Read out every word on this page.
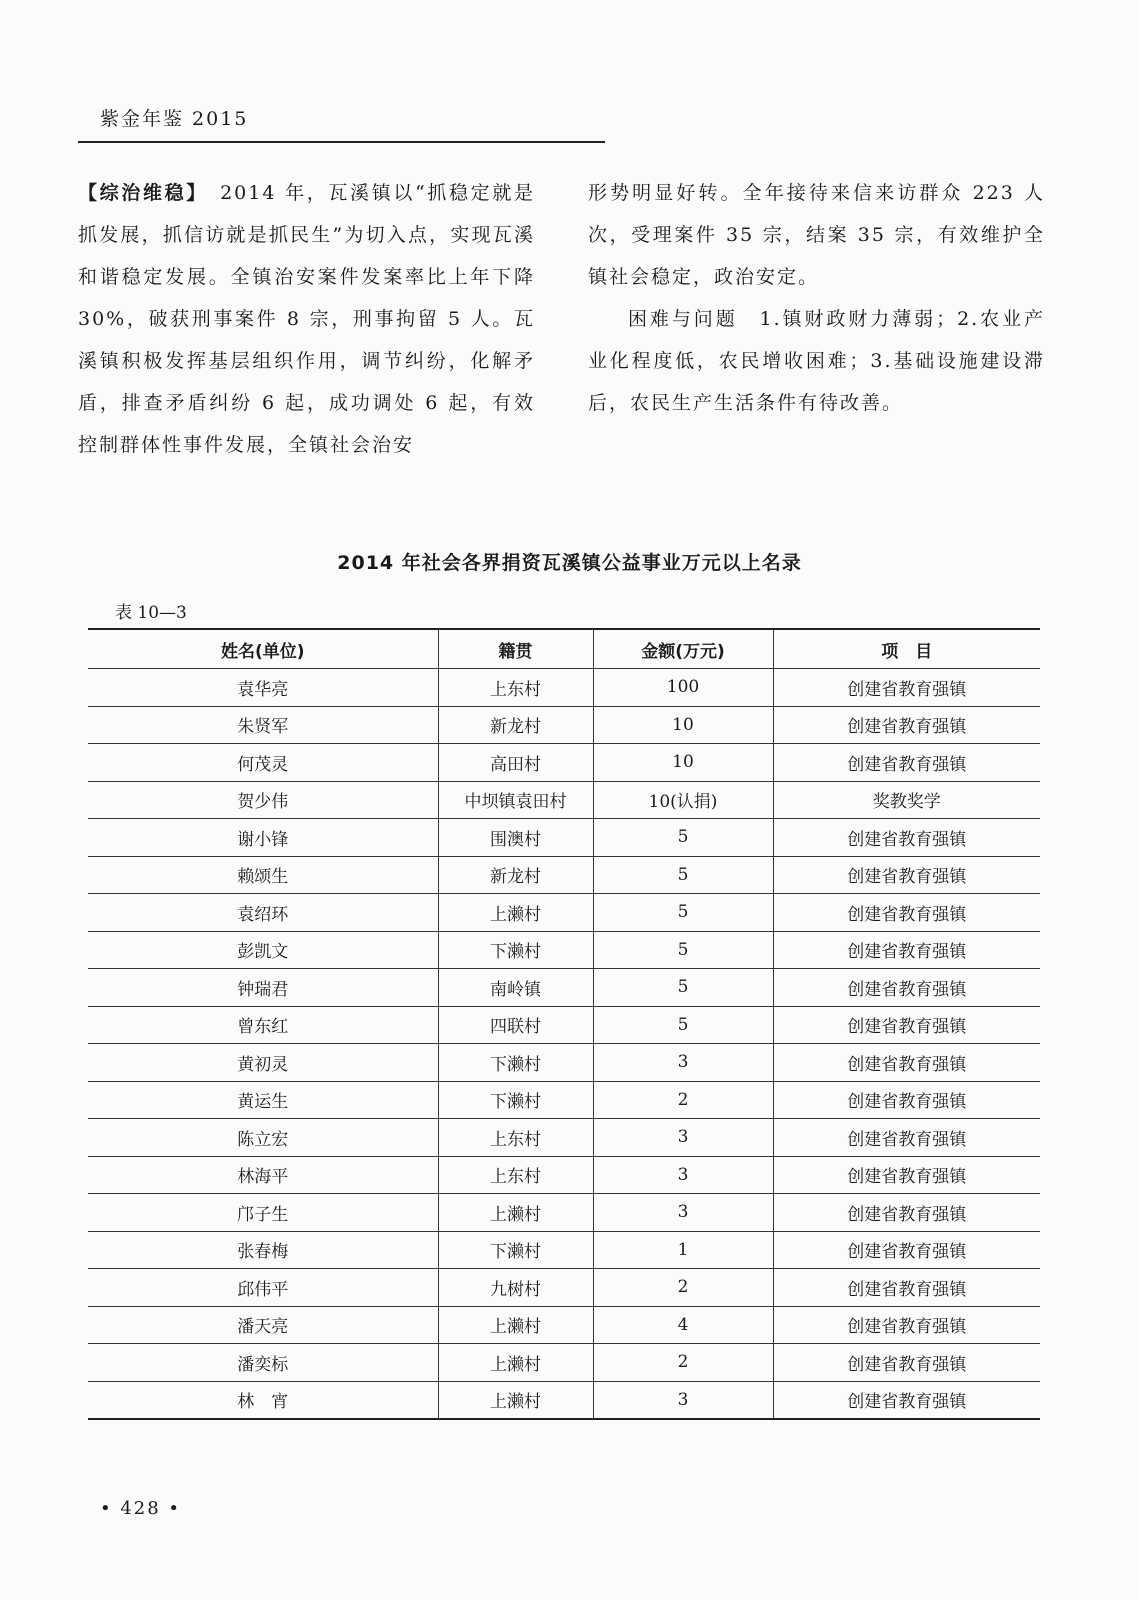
紫金年鉴 2015

【综治维稳】　 2014 年，瓦溪镇以“抓稳定就是抓发展，抓信访就是抓民生”为切入点，实现瓦溪和谐稳定发展。全镇治安案件发案率比上年下降 30%，破获刑事案件 8 宗，刑事拘留 5 人。瓦溪镇积极发挥基层组织作用，调节纠纷，化解矛盾，排查矛盾纠纷 6 起，成功调处 6 起，有效控制群体性事件发展，全镇社会治安

形势明显好转。全年接待来信来访群众 223 人次，受理案件 35 宗，结案 35 宗，有效维护全镇社会稳定，政治安定。

困难与问题　1.镇财政财力薄弱；2.农业产业化程度低，农民增收困难；3.基础设施建设滞后，农民生产生活条件有待改善。

2014 年社会各界捐资瓦溪镇公益事业万元以上名录
表 10—3
姓名(单位)	籍贯	金额(万元)	项　目
袁华亮	上东村	100	创建省教育强镇
朱贤军	新龙村	10	创建省教育强镇
何茂灵	高田村	10	创建省教育强镇
贺少伟	中坝镇袁田村	10(认捐)	奖教奖学
谢小锋	围澳村	5	创建省教育强镇
赖颂生	新龙村	5	创建省教育强镇
袁绍环	上濑村	5	创建省教育强镇
彭凯文	下濑村	5	创建省教育强镇
钟瑞君	南岭镇	5	创建省教育强镇
曾东红	四联村	5	创建省教育强镇
黄初灵	下濑村	3	创建省教育强镇
黄运生	下濑村	2	创建省教育强镇
陈立宏	上东村	3	创建省教育强镇
林海平	上东村	3	创建省教育强镇
邝子生	上濑村	3	创建省教育强镇
张春梅	下濑村	1	创建省教育强镇
邱伟平	九树村	2	创建省教育强镇
潘天亮	上濑村	4	创建省教育强镇
潘奕标	上濑村	2	创建省教育强镇
林　宵	上濑村	3	创建省教育强镇
• 428 •
